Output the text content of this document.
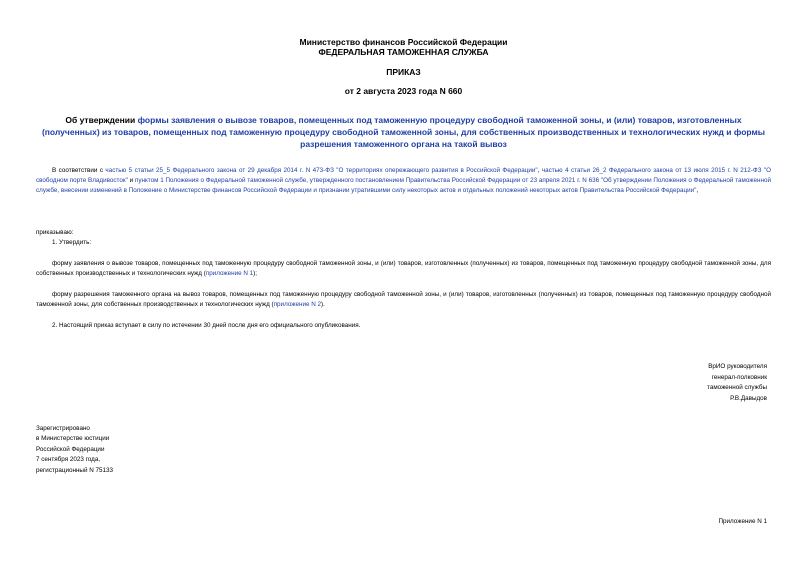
Министерство финансов Российской Федерации
ФЕДЕРАЛЬНАЯ ТАМОЖЕННАЯ СЛУЖБА
ПРИКАЗ
от 2 августа 2023 года N 660
Об утверждении формы заявления о вывозе товаров, помещенных под таможенную процедуру свободной таможенной зоны, и (или) товаров, изготовленных (полученных) из товаров, помещенных под таможенную процедуру свободной таможенной зоны, для собственных производственных и технологических нужд и формы разрешения таможенного органа на такой вывоз
В соответствии с частью 5 статьи 25_5 Федерального закона от 29 декабря 2014 г. N 473-ФЗ "О территориях опережающего развития в Российской Федерации", частью 4 статьи 26_2 Федерального закона от 13 июля 2015 г. N 212-ФЗ "О свободном порте Владивосток" и пунктом 1 Положения о Федеральной таможенной службе, утвержденного постановлением Правительства Российской Федерации от 23 апреля 2021 г. N 636 "Об утверждении Положения о Федеральной таможенной службе, внесении изменений в Положение о Министерстве финансов Российской Федерации и признании утратившими силу некоторых актов и отдельных положений некоторых актов Правительства Российской Федерации",
приказываю:
1. Утвердить:
форму заявления о вывозе товаров, помещенных под таможенную процедуру свободной таможенной зоны, и (или) товаров, изготовленных (полученных) из товаров, помещенных под таможенную процедуру свободной таможенной зоны, для собственных производственных и технологических нужд (приложение N 1);
форму разрешения таможенного органа на вывоз товаров, помещенных под таможенную процедуру свободной таможенной зоны, и (или) товаров, изготовленных (полученных) из товаров, помещенных под таможенную процедуру свободной таможенной зоны, для собственных производственных и технологических нужд (приложение N 2).
2. Настоящий приказ вступает в силу по истечении 30 дней после дня его официального опубликования.
ВрИО руководителя
генерал-полковник
таможенной службы
Р.В.Давыдов
Зарегистрировано
в Министерстве юстиции
Российской Федерации
7 сентября 2023 года,
регистрационный N 75133
Приложение N 1
